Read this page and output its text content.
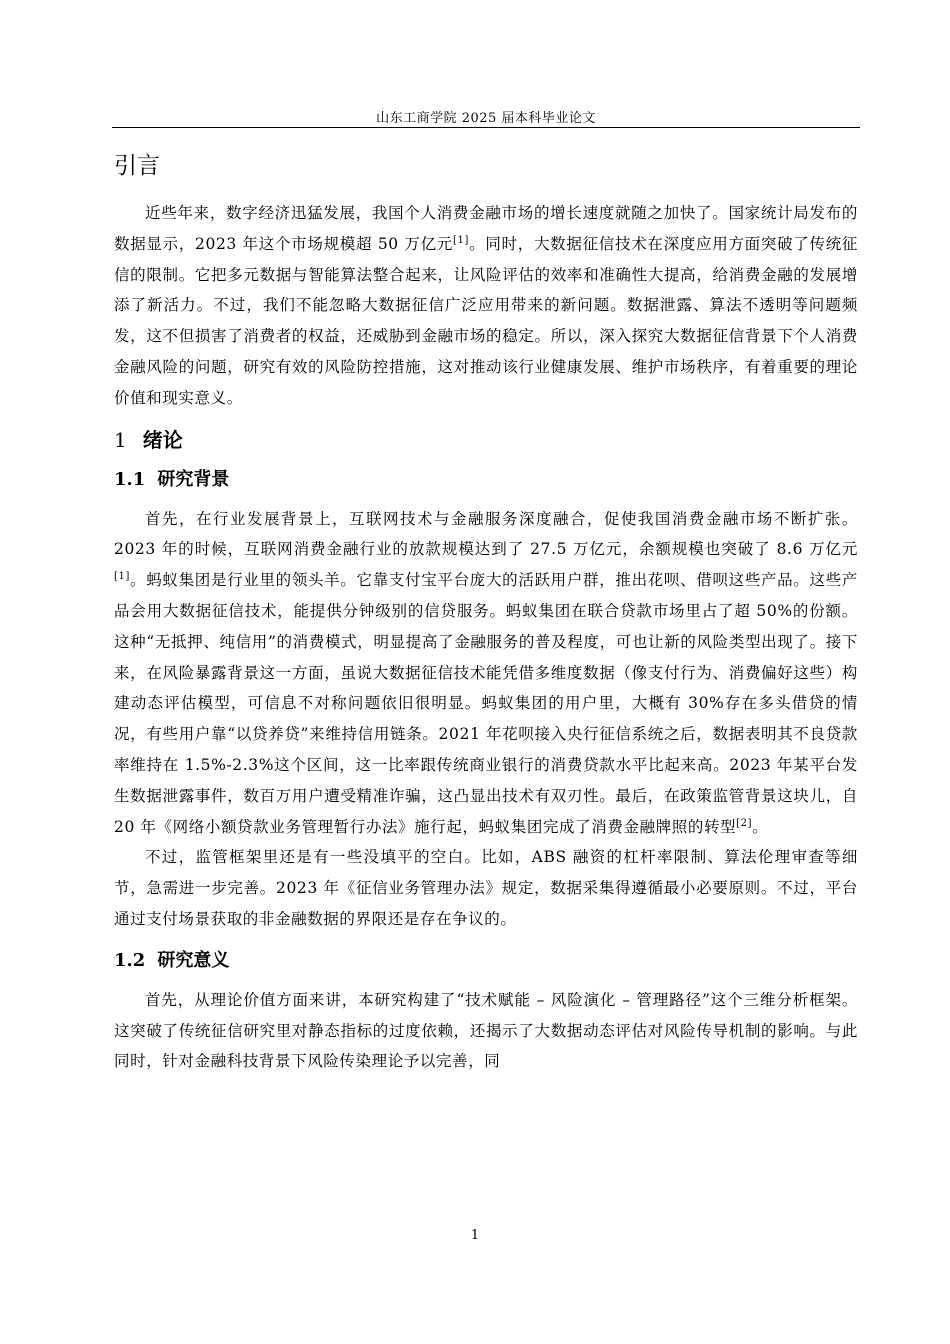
山东工商学院 2025 届本科毕业论文
引言

近些年来，数字经济迅猛发展，我国个人消费金融市场的增长速度就随之加快了。国家统计局发布的数据显示，2023 年这个市场规模超 50 万亿元[1]。同时，大数据征信技术在深度应用方面突破了传统征信的限制。它把多元数据与智能算法整合起来，让风险评估的效率和准确性大提高，给消费金融的发展增添了新活力。不过，我们不能忽略大数据征信广泛应用带来的新问题。数据泄露、算法不透明等问题频发，这不但损害了消费者的权益，还威胁到金融市场的稳定。所以，深入探究大数据征信背景下个人消费金融风险的问题，研究有效的风险防控措施，这对推动该行业健康发展、维护市场秩序，有着重要的理论价值和现实意义。

1 绪论
1.1 研究背景

首先，在行业发展背景上，互联网技术与金融服务深度融合，促使我国消费金融市场不断扩张。2023 年的时候，互联网消费金融行业的放款规模达到了 27.5 万亿元，余额规模也突破了 8.6 万亿元[1]。蚂蚁集团是行业里的领头羊。它靠支付宝平台庞大的活跃用户群，推出花呗、借呗这些产品。这些产品会用大数据征信技术，能提供分钟级别的信贷服务。蚂蚁集团在联合贷款市场里占了超 50%的份额。这种“无抵押、纯信用”的消费模式，明显提高了金融服务的普及程度，可也让新的风险类型出现了。接下来，在风险暴露背景这一方面，虽说大数据征信技术能凭借多维度数据（像支付行为、消费偏好这些）构建动态评估模型，可信息不对称问题依旧很明显。蚂蚁集团的用户里，大概有 30%存在多头借贷的情况，有些用户靠“以贷养贷”来维持信用链条。2021 年花呗接入央行征信系统之后，数据表明其不良贷款率维持在 1.5%-2.3%这个区间，这一比率跟传统商业银行的消费贷款水平比起来高。2023 年某平台发生数据泄露事件，数百万用户遭受精准诈骗，这凸显出技术有双刃性。最后，在政策监管背景这块儿，自 20 年《网络小额贷款业务管理暂行办法》施行起，蚂蚁集团完成了消费金融牌照的转型[2]。

不过，监管框架里还是有一些没填平的空白。比如，ABS 融资的杠杆率限制、算法伦理审查等细节，急需进一步完善。2023 年《征信业务管理办法》规定，数据采集得遵循最小必要原则。不过，平台通过支付场景获取的非金融数据的界限还是存在争议的。

1.2 研究意义

首先，从理论价值方面来讲，本研究构建了“技术赋能 – 风险演化 – 管理路径”这个三维分析框架。这突破了传统征信研究里对静态指标的过度依赖，还揭示了大数据动态评估对风险传导机制的影响。与此同时，针对金融科技背景下风险传染理论予以完善，同

1
